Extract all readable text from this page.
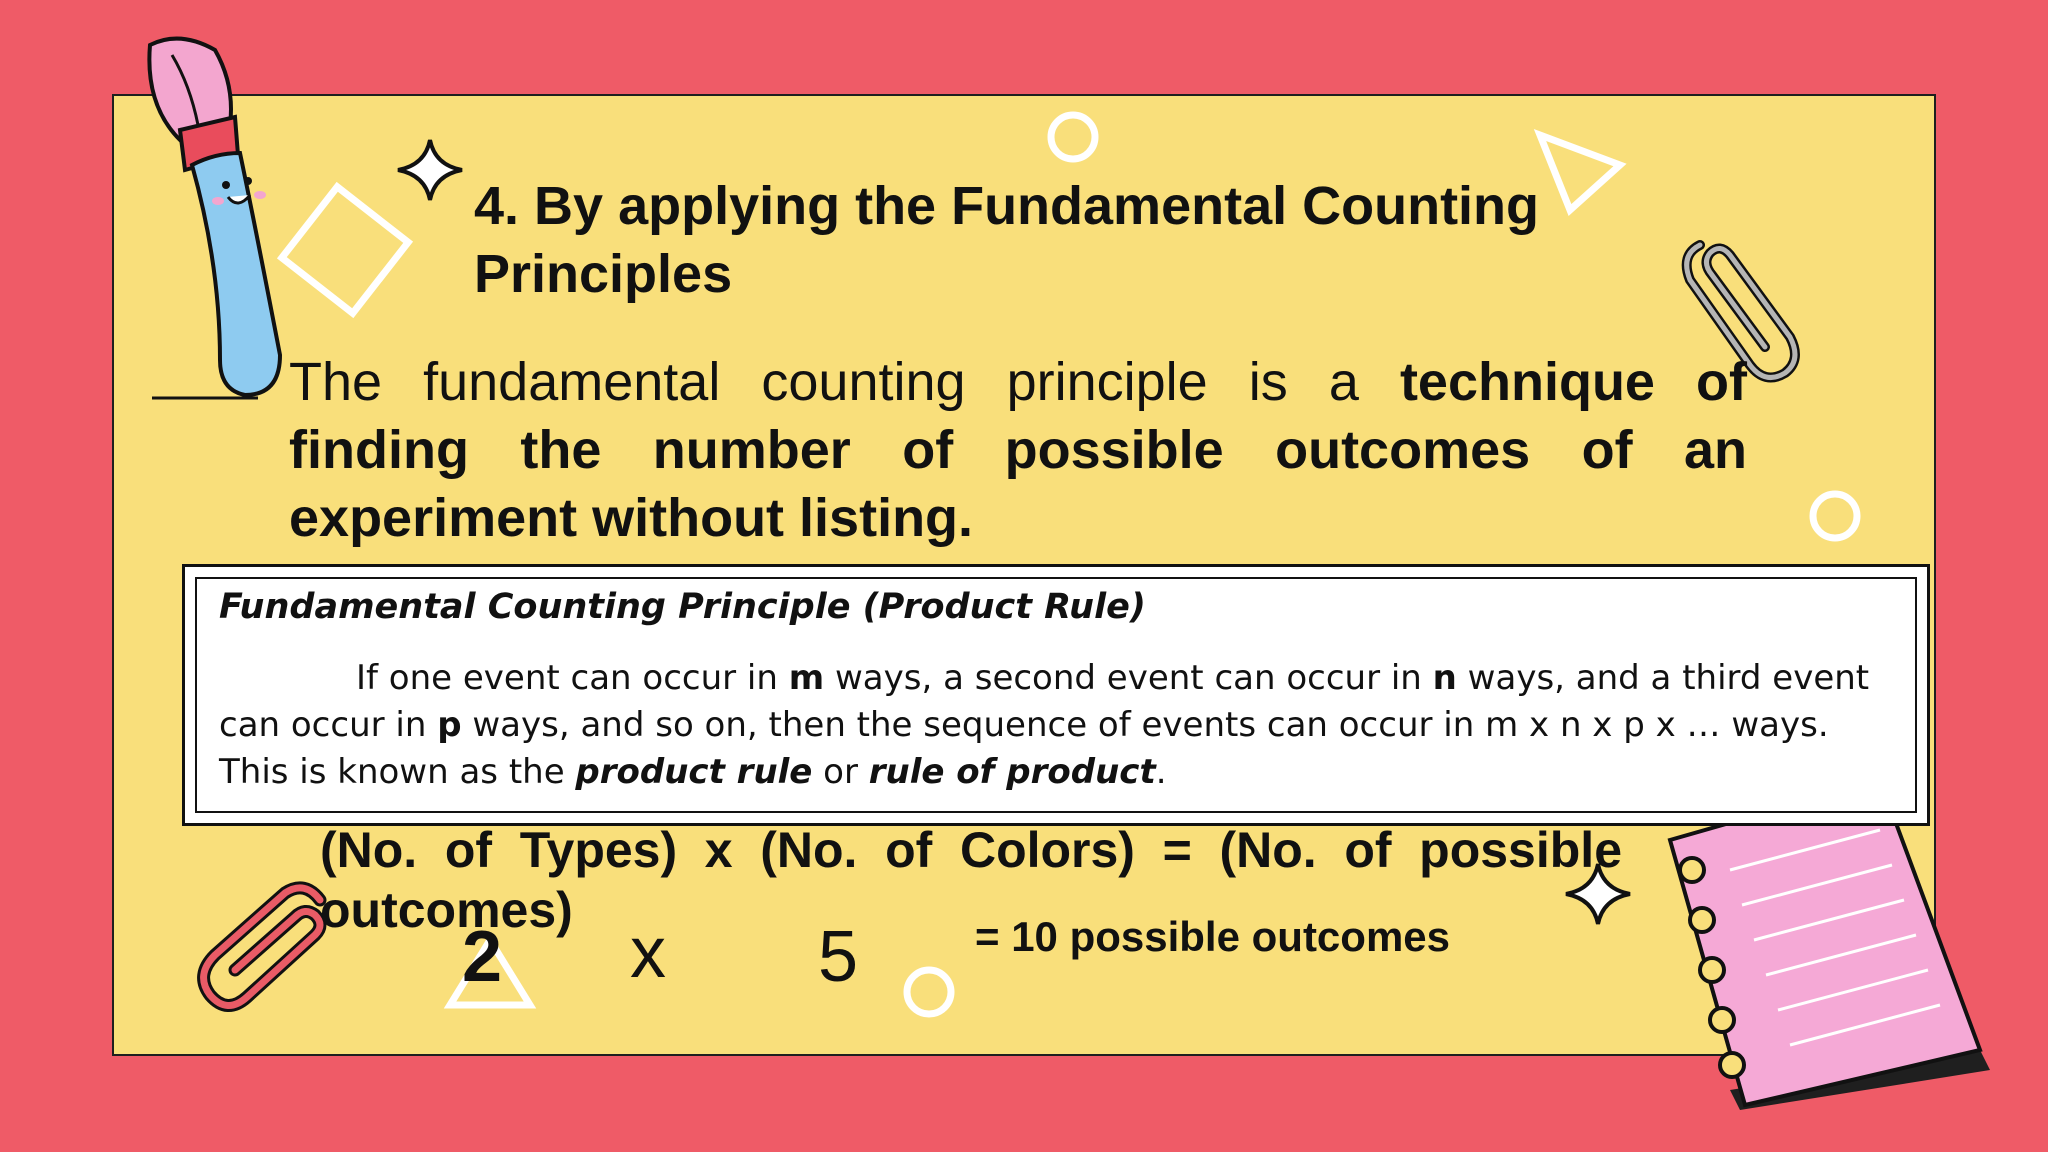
4. By applying the Fundamental Counting
Principles
The fundamental counting principle is a technique of finding the number of possible outcomes of an experiment without listing.
Fundamental Counting Principle (Product Rule)
If one event can occur in m ways, a second event can occur in n ways, and a third event can occur in p ways, and so on, then the sequence of events can occur in m x n x p x … ways. This is known as the product rule or rule of product.
(No. of Types) x (No. of Colors) = (No. of possible outcomes)
2 x 5	= 10 possible outcomes
